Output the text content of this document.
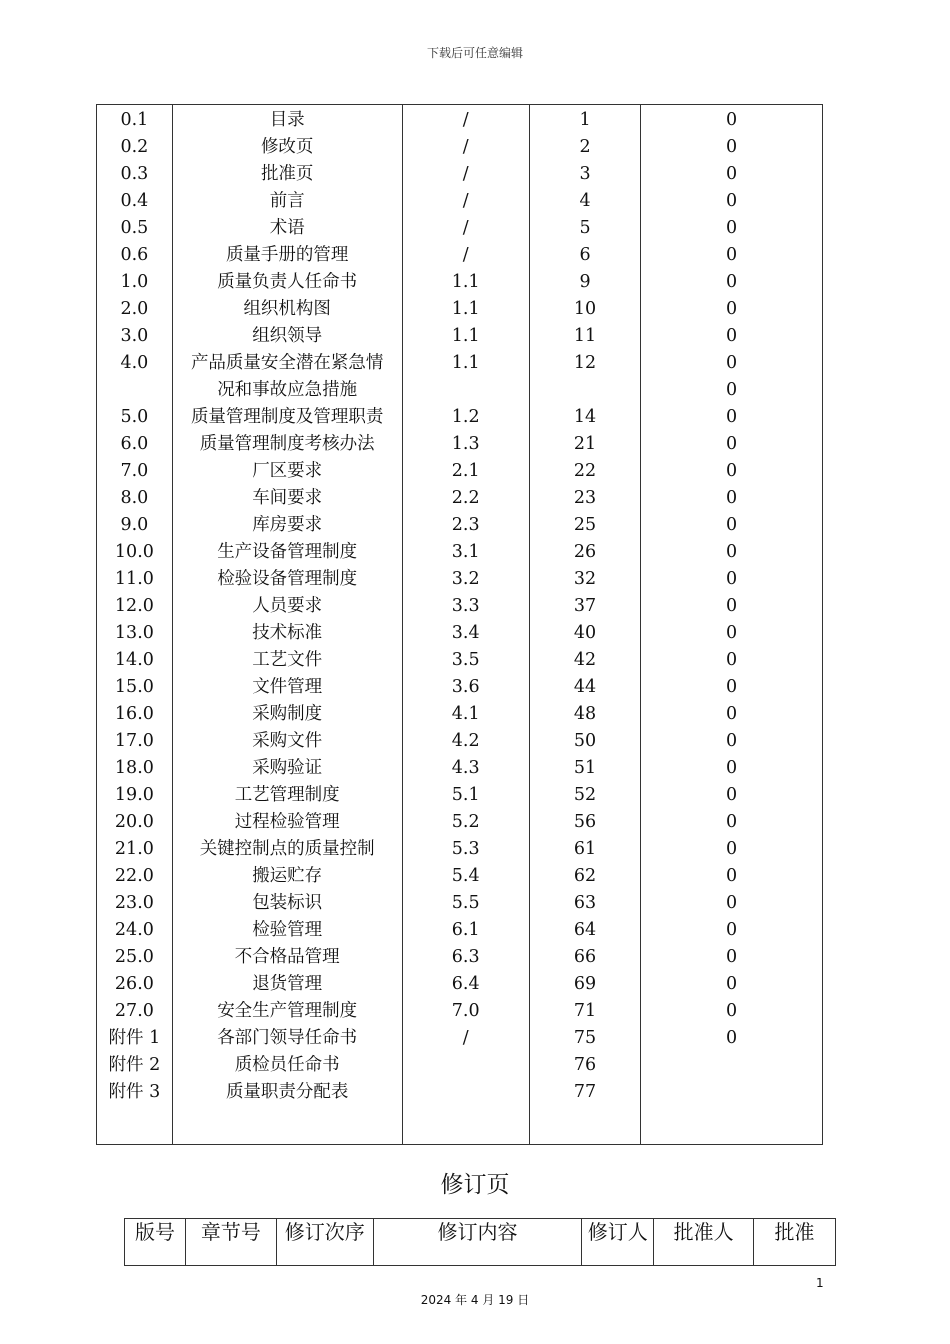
下载后可任意编辑
0.1	目录	/	1	0
0.2	修改页	/	2	0
0.3	批准页	/	3	0
0.4	前言	/	4	0
0.5	术语	/	5	0
0.6	质量手册的管理	/	6	0
1.0	质量负责人任命书	1.1	9	0
2.0	组织机构图	1.1	10	0
3.0	组织领导	1.1	11	0
4.0	产品质量安全潜在紧急情	1.1	12	0
	况和事故应急措施			0
5.0	质量管理制度及管理职责	1.2	14	0
6.0	质量管理制度考核办法	1.3	21	0
7.0	厂区要求	2.1	22	0
8.0	车间要求	2.2	23	0
9.0	库房要求	2.3	25	0
10.0	生产设备管理制度	3.1	26	0
11.0	检验设备管理制度	3.2	32	0
12.0	人员要求	3.3	37	0
13.0	技术标准	3.4	40	0
14.0	工艺文件	3.5	42	0
15.0	文件管理	3.6	44	0
16.0	采购制度	4.1	48	0
17.0	采购文件	4.2	50	0
18.0	采购验证	4.3	51	0
19.0	工艺管理制度	5.1	52	0
20.0	过程检验管理	5.2	56	0
21.0	关键控制点的质量控制	5.3	61	0
22.0	搬运贮存	5.4	62	0
23.0	包装标识	5.5	63	0
24.0	检验管理	6.1	64	0
25.0	不合格品管理	6.3	66	0
26.0	退货管理	6.4	69	0
27.0	安全生产管理制度	7.0	71	0
附件 1	各部门领导任命书	/	75	0
附件 2	质检员任命书		76	
附件 3	质量职责分配表		77	

修订页
版号	章节号	修订次序	修订内容	修订人	批准人	批准
1
2024 年 4 月 19 日
